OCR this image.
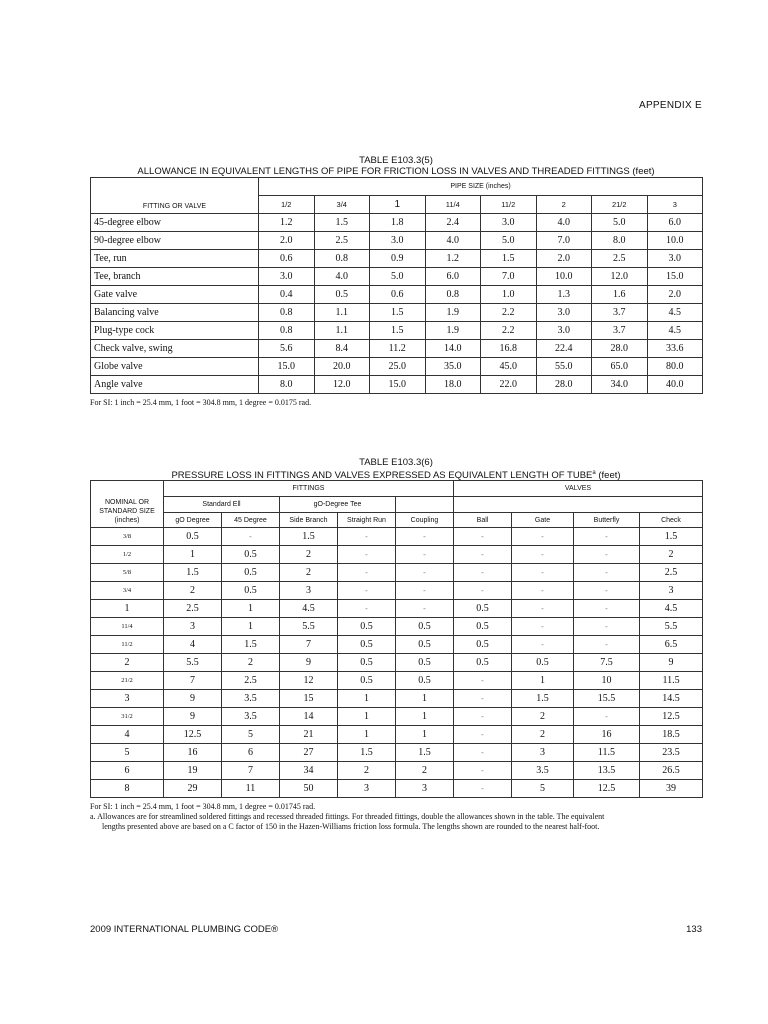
APPENDIX E
TABLE E103.3(5)
ALLOWANCE IN EQUIVALENT LENGTHS OF PIPE FOR FRICTION LOSS IN VALVES AND THREADED FITTINGS (feet)
FITTING OR VALVE	PIPE SIZE (inches)							
	1/2	3/4	1	11/4	11/2	2	21/2	3
45-degree elbow	1.2	1.5	1.8	2.4	3.0	4.0	5.0	6.0
90-degree elbow	2.0	2.5	3.0	4.0	5.0	7.0	8.0	10.0
Tee, run	0.6	0.8	0.9	1.2	1.5	2.0	2.5	3.0
Tee, branch	3.0	4.0	5.0	6.0	7.0	10.0	12.0	15.0
Gate valve	0.4	0.5	0.6	0.8	1.0	1.3	1.6	2.0
Balancing valve	0.8	1.1	1.5	1.9	2.2	3.0	3.7	4.5
Plug-type cock	0.8	1.1	1.5	1.9	2.2	3.0	3.7	4.5
Check valve, swing	5.6	8.4	11.2	14.0	16.8	22.4	28.0	33.6
Globe valve	15.0	20.0	25.0	35.0	45.0	55.0	65.0	80.0
Angle valve	8.0	12.0	15.0	18.0	22.0	28.0	34.0	40.0
For SI: 1 inch = 25.4 mm, 1 foot = 304.8 mm, 1 degree = 0.0175 rad.
TABLE E103.3(6)
PRESSURE LOSS IN FITTINGS AND VALVES EXPRESSED AS EQUIVALENT LENGTH OF TUBE$^a$ (feet)
NOMINAL OR
STANDARD SIZE
(inches)	FITTINGS					VALVES			
	Standard Ell		gO-Degree Tee						
	gO Degree	45 Degree	Side Branch	Straight Run	Coupling	Ball	Gate	Butterfly	Check
3/8	0.5	-	1.5	-	-	-	-	-	1.5
1/2	1	0.5	2	-	-	-	-	-	2
5/8	1.5	0.5	2	-	-	-	-	-	2.5
3/4	2	0.5	3	-	-	-	-	-	3
1	2.5	1	4.5	-	-	0.5	-	-	4.5
11/4	3	1	5.5	0.5	0.5	0.5	-	-	5.5
11/2	4	1.5	7	0.5	0.5	0.5	-	-	6.5
2	5.5	2	9	0.5	0.5	0.5	0.5	7.5	9
21/2	7	2.5	12	0.5	0.5	-	1	10	11.5
3	9	3.5	15	1	1	-	1.5	15.5	14.5
31/2	9	3.5	14	1	1	-	2	-	12.5
4	12.5	5	21	1	1	-	2	16	18.5
5	16	6	27	1.5	1.5	-	3	11.5	23.5
6	19	7	34	2	2	-	3.5	13.5	26.5
8	29	11	50	3	3	-	5	12.5	39
For SI: 1 inch = 25.4 mm, 1 foot = 304.8 mm, 1 degree = 0.01745 rad.
a. Allowances are for streamlined soldered fittings and recessed threaded fittings. For threaded fittings, double the allowances shown in the table. The equivalent
lengths presented above are based on a C factor of 150 in the Hazen-Williams friction loss formula. The lengths shown are rounded to the nearest half-foot.
2009 INTERNATIONAL PLUMBING CODE®	133
